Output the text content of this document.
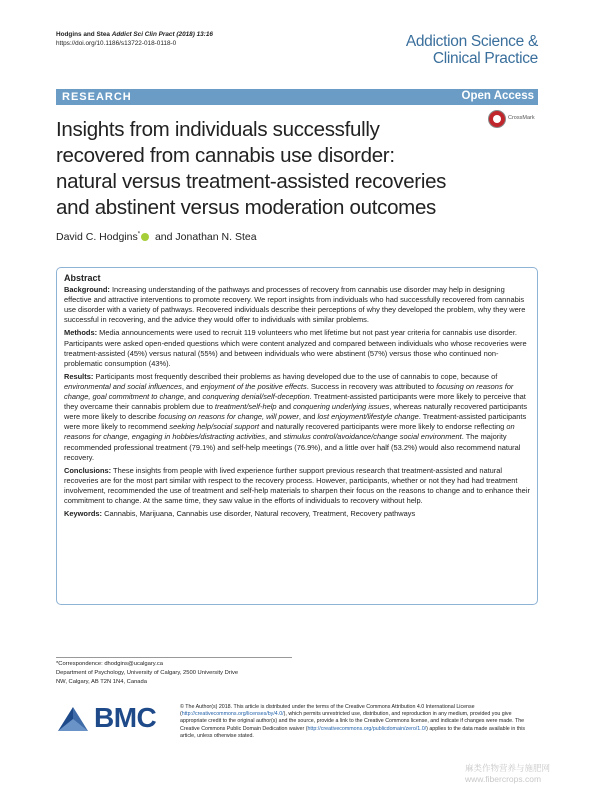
Hodgins and Stea Addict Sci Clin Pract (2018) 13:16
https://doi.org/10.1186/s13722-018-0118-0	Addiction Science &
Clinical Practice
RESEARCH	Open Access
Insights from individuals successfully
recovered from cannabis use disorder:
natural versus treatment-assisted recoveries
and abstinent versus moderation outcomes
CrossMark
David C. Hodgins* and Jonathan N. Stea
Abstract

Background: Increasing understanding of the pathways and processes of recovery from cannabis use disorder may help in designing effective and attractive interventions to promote recovery. We report insights from individuals who had successfully recovered from cannabis use disorder with a variety of pathways. Recovered individuals describe their perceptions of why they developed the problem, why they were successful in recovering, and the advice they would offer to individuals with similar problems.

Methods: Media announcements were used to recruit 119 volunteers who met lifetime but not past year criteria for cannabis use disorder. Participants were asked open-ended questions which were content analyzed and compared between individuals who whose recoveries were treatment-assisted (45%) versus natural (55%) and between individuals who were abstinent (57%) versus those who continued non-problematic consumption (43%).

Results: Participants most frequently described their problems as having developed due to the use of cannabis to cope, because of environmental and social influences, and enjoyment of the positive effects. Success in recovery was attributed to focusing on reasons for change, goal commitment to change, and conquering denial/self-deception. Treatment-assisted participants were more likely to perceive that they overcame their cannabis problem due to treatment/self-help and conquering underlying issues, whereas naturally recovered participants were more likely to describe focusing on reasons for change, will power, and lost enjoyment/lifestyle change. Treatment-assisted participants were more likely to recommend seeking help/social support and naturally recovered participants were more likely to endorse reflecting on reasons for change, engaging in hobbies/distracting activities, and stimulus control/avoidance/change social environment. The majority recommended professional treatment (79.1%) and self-help meetings (76.9%), and a little over half (53.2%) would also recommend natural recovery.

Conclusions: These insights from people with lived experience further support previous research that treatment-assisted and natural recoveries are for the most part similar with respect to the recovery process. However, participants, whether or not they had had treatment involvement, recommended the use of treatment and self-help materials to sharpen their focus on the reasons to change and to enhance their commitment to change. At the same time, they saw value in the efforts of individuals to recovery without help.

Keywords: Cannabis, Marijuana, Cannabis use disorder, Natural recovery, Treatment, Recovery pathways

*Correspondence: dhodgins@ucalgary.ca
Department of Psychology, University of Calgary, 2500 University Drive
NW, Calgary, AB T2N 1N4, Canada
BMC	© The Author(s) 2018. This article is distributed under the terms of the Creative Commons Attribution 4.0 International License (http://creativecommons.org/licenses/by/4.0/), which permits unrestricted use, distribution, and reproduction in any medium, provided you give appropriate credit to the original author(s) and the source, provide a link to the Creative Commons license, and indicate if changes were made. The Creative Commons Public Domain Dedication waiver (http://creativecommons.org/publicdomain/zero/1.0/) applies to the data made available in this article, unless otherwise stated.
麻类作物营养与施肥网
www.fibercrops.com
